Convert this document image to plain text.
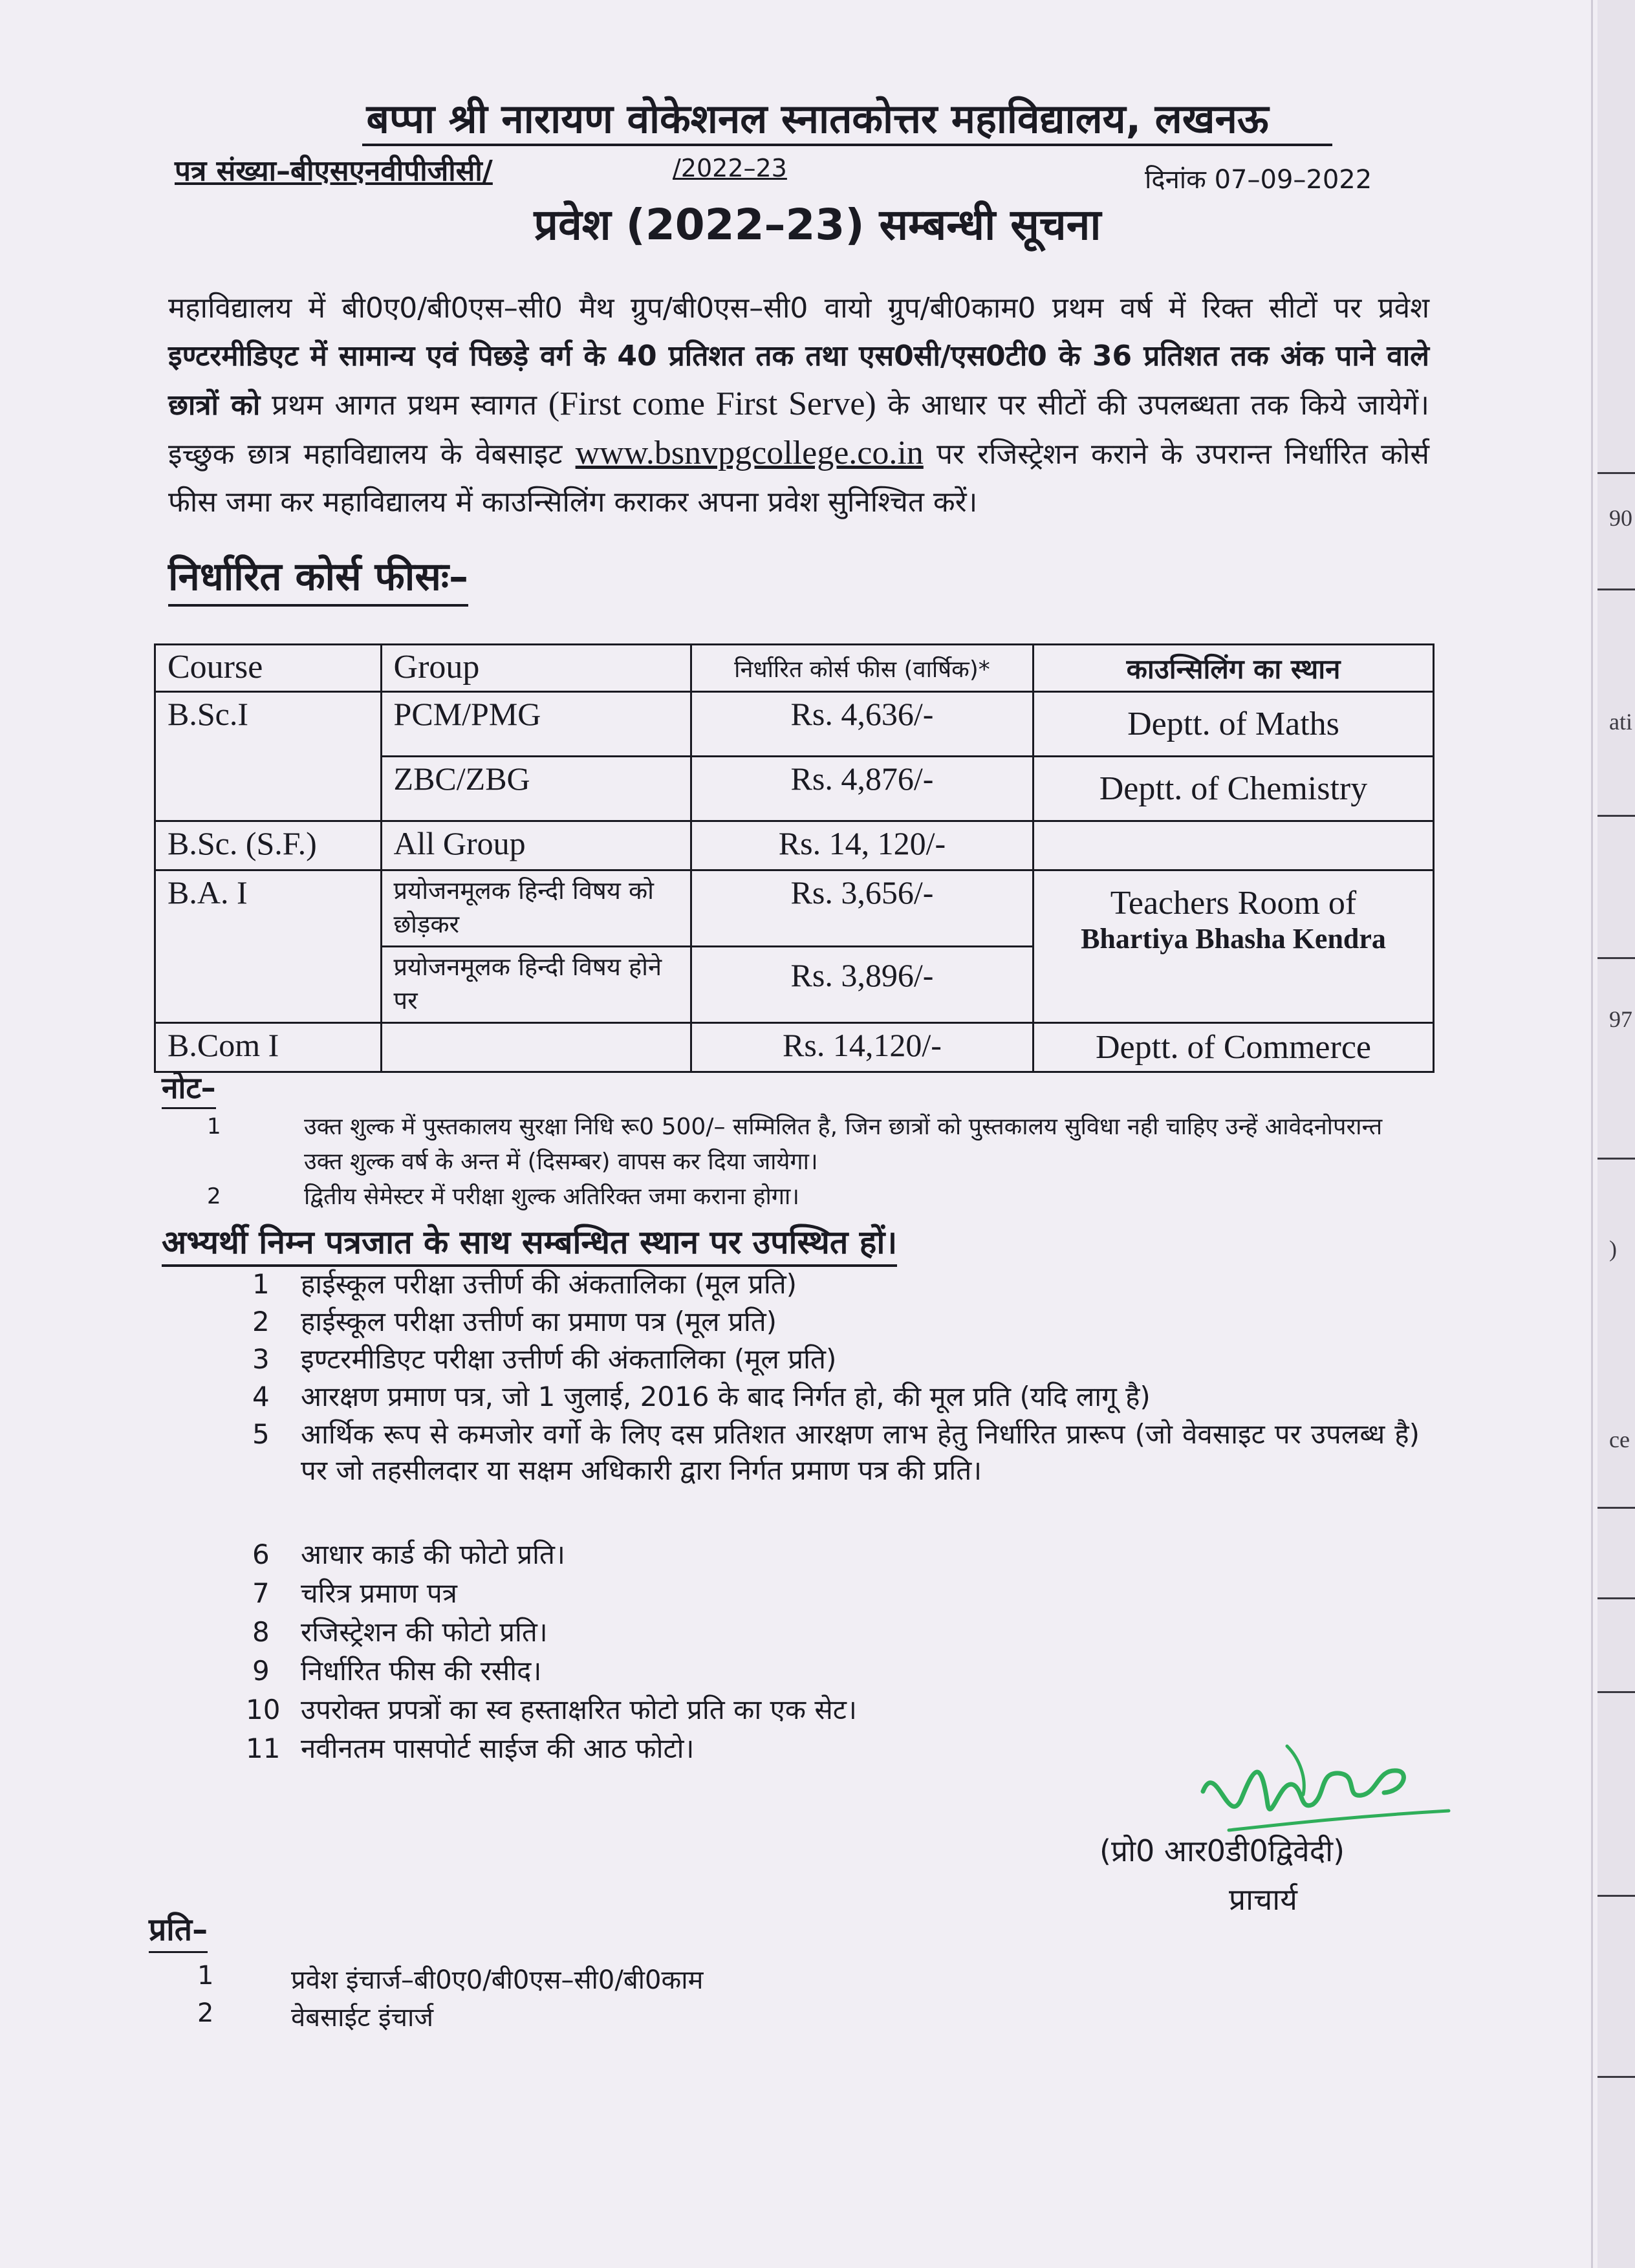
90
ati
97
)
ce
बप्पा श्री नारायण वोकेशनल स्नातकोत्तर महाविद्यालय, लखनऊ
पत्र संख्या–बीएसएनवीपीजीसी/	/2022–23	दिनांक 07–09–2022
प्रवेश (2022–23) सम्बन्धी सूचना
महाविद्यालय में बी0ए0/बी0एस–सी0 मैथ ग्रुप/बी0एस–सी0 वायो ग्रुप/बी0काम0 प्रथम वर्ष में रिक्त सीटों पर प्रवेश इण्टरमीडिएट में सामान्य एवं पिछड़े वर्ग के 40 प्रतिशत तक तथा एस0सी/एस0टी0 के 36 प्रतिशत तक अंक पाने वाले छात्रों को प्रथम आगत प्रथम स्वागत (First come First Serve) के आधार पर सीटों की उपलब्धता तक किये जायेगें। इच्छुक छात्र महाविद्यालय के वेबसाइट www.bsnvpgcollege.co.in पर रजिस्ट्रेशन कराने के उपरान्त निर्धारित कोर्स फीस जमा कर महाविद्यालय में काउन्सिलिंग कराकर अपना प्रवेश सुनिश्चित करें।
निर्धारित कोर्स फीसः–
Course	Group	निर्धारित कोर्स फीस (वार्षिक)*	काउन्सिलिंग का स्थान
B.Sc.I	PCM/PMG	Rs. 4,636/-	Deptt. of Maths
	ZBC/ZBG	Rs. 4,876/-	Deptt. of Chemistry
B.Sc. (S.F.)	All Group	Rs. 14, 120/-	
B.A. I	प्रयोजनमूलक हिन्दी विषय को छोड़कर	Rs. 3,656/-	Teachers Room of
Bhartiya Bhasha Kendra

	प्रयोजनमूलक हिन्दी विषय होने पर	Rs. 3,896/-	
B.Com I		Rs. 14,120/-	Deptt. of Commerce
नोट–
1	उक्त शुल्क में पुस्तकालय सुरक्षा निधि रू0 500/– सम्मिलित है, जिन छात्रों को पुस्तकालय सुविधा नही चाहिए उन्हें आवेदनोपरान्त उक्त शुल्क वर्ष के अन्त में (दिसम्बर) वापस कर दिया जायेगा।
2	द्वितीय सेमेस्टर में परीक्षा शुल्क अतिरिक्त जमा कराना होगा।
अभ्यर्थी निम्न पत्रजात के साथ सम्बन्धित स्थान पर उपस्थित हों।
1 हाईस्कूल परीक्षा उत्तीर्ण की अंकतालिका (मूल प्रति)
2 हाईस्कूल परीक्षा उत्तीर्ण का प्रमाण पत्र (मूल प्रति)
3 इण्टरमीडिएट परीक्षा उत्तीर्ण की अंकतालिका (मूल प्रति)
4 आरक्षण प्रमाण पत्र, जो 1 जुलाई, 2016 के बाद निर्गत हो, की मूल प्रति (यदि लागू है)
5 आर्थिक रूप से कमजोर वर्गो के लिए दस प्रतिशत आरक्षण लाभ हेतु निर्धारित प्रारूप (जो वेवसाइट पर उपलब्ध है) पर जो तहसीलदार या सक्षम अधिकारी द्वारा निर्गत प्रमाण पत्र की प्रति।
6 आधार कार्ड की फोटो प्रति।
7 चरित्र प्रमाण पत्र
8 रजिस्ट्रेशन की फोटो प्रति।
9 निर्धारित फीस की रसीद।
10 उपरोक्त प्रपत्रों का स्व हस्ताक्षरित फोटो प्रति का एक सेट।
11 नवीनतम पासपोर्ट साईज की आठ फोटो।
(प्रो0 आर0डी0द्विवेदी)
प्राचार्य
प्रति–
1	प्रवेश इंचार्ज–बी0ए0/बी0एस–सी0/बी0काम
2	वेबसाईट इंचार्ज
